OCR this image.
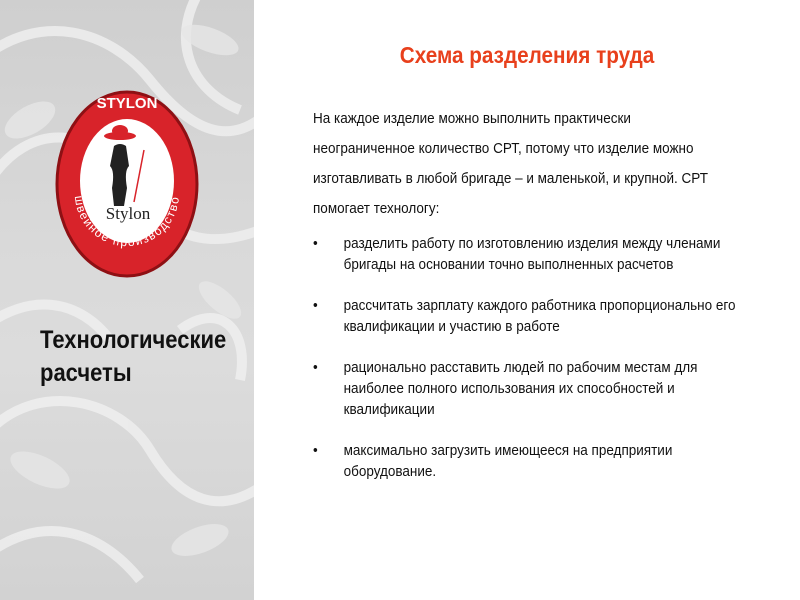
STYLON
швейное производство
Stylon
Технологические
расчеты
Схема разделения труда
На каждое изделие можно выполнить практически
неограниченное количество СРТ, потому что изделие можно
изготавливать в любой бригаде – и маленькой, и крупной. СРТ
помогает технологу:
• разделить работу по изготовлению изделия между членами бригады на основании точно выполненных расчетов
• рассчитать зарплату каждого работника пропорционально его квалификации и участию в работе
• рационально расставить людей по рабочим местам для наиболее полного использования их способностей и квалификации
• максимально загрузить имеющееся на предприятии оборудование.
